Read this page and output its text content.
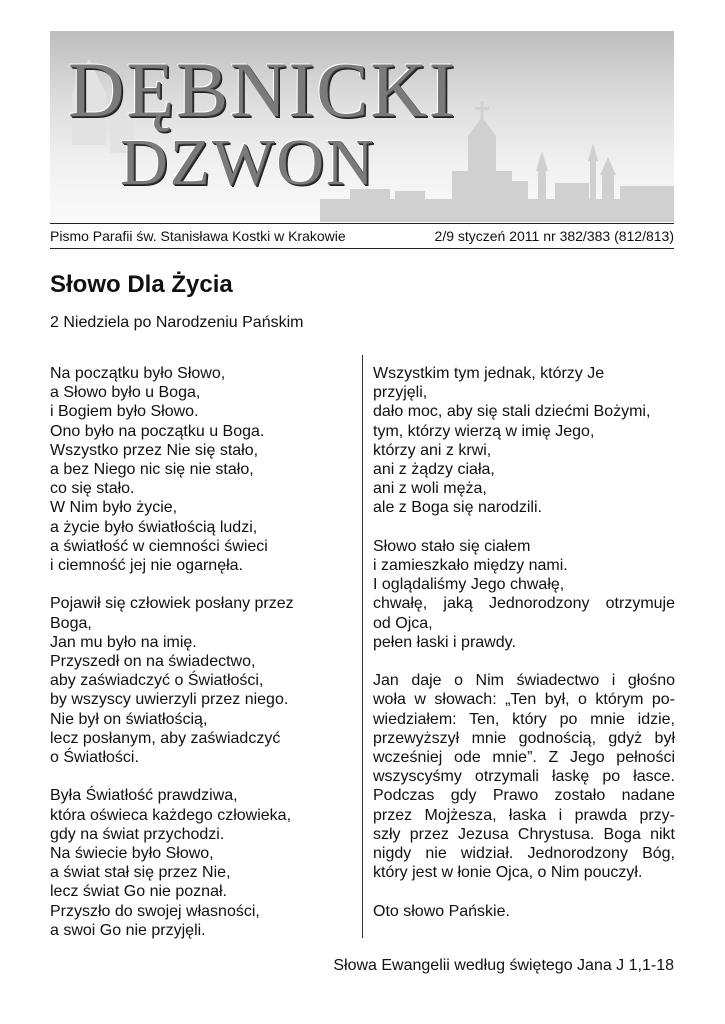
DĘBNICKI
DZWON
Pismo Parafii św. Stanisława Kostki w Krakowie	2/9 styczeń 2011 nr 382/383 (812/813)
Słowo Dla Życia
2 Niedziela po Narodzeniu Pańskim
Na początku było Słowo,
a Słowo było u Boga,
i Bogiem było Słowo.
Ono było na początku u Boga.
Wszystko przez Nie się stało,
a bez Niego nic się nie stało,
co się stało.
W Nim było życie,
a życie było światłością ludzi,
a światłość w ciemności świeci
i ciemność jej nie ogarnęła.
Pojawił się człowiek posłany przez
Boga,
Jan mu było na imię.
Przyszedł on na świadectwo,
aby zaświadczyć o Światłości,
by wszyscy uwierzyli przez niego.
Nie był on światłością,
lecz posłanym, aby zaświadczyć
o Światłości.
Była Światłość prawdziwa,
która oświeca każdego człowieka,
gdy na świat przychodzi.
Na świecie było Słowo,
a świat stał się przez Nie,
lecz świat Go nie poznał.
Przyszło do swojej własności,
a swoi Go nie przyjęli.
Wszystkim tym jednak, którzy Je
przyjęli,
dało moc, aby się stali dziećmi Bożymi,
tym, którzy wierzą w imię Jego,
którzy ani z krwi,
ani z żądzy ciała,
ani z woli męża,
ale z Boga się narodzili.
Słowo stało się ciałem
i zamieszkało między nami.
I oglądaliśmy Jego chwałę,
chwałę, jaką Jednorodzony otrzymuje
od Ojca,
pełen łaski i prawdy.
Jan daje o Nim świadectwo i głośno
woła w słowach: „Ten był, o którym po-
wiedziałem: Ten, który po mnie idzie,
przewyższył mnie godnością, gdyż był
wcześniej ode mnie”. Z Jego pełności
wszyscyśmy otrzymali łaskę po łasce.
Podczas gdy Prawo zostało nadane
przez Mojżesza, łaska i prawda przy-
szły przez Jezusa Chrystusa. Boga nikt
nigdy nie widział. Jednorodzony Bóg,
który jest w łonie Ojca, o Nim pouczył.
Oto słowo Pańskie.
Słowa Ewangelii według świętego Jana J 1,1-18
